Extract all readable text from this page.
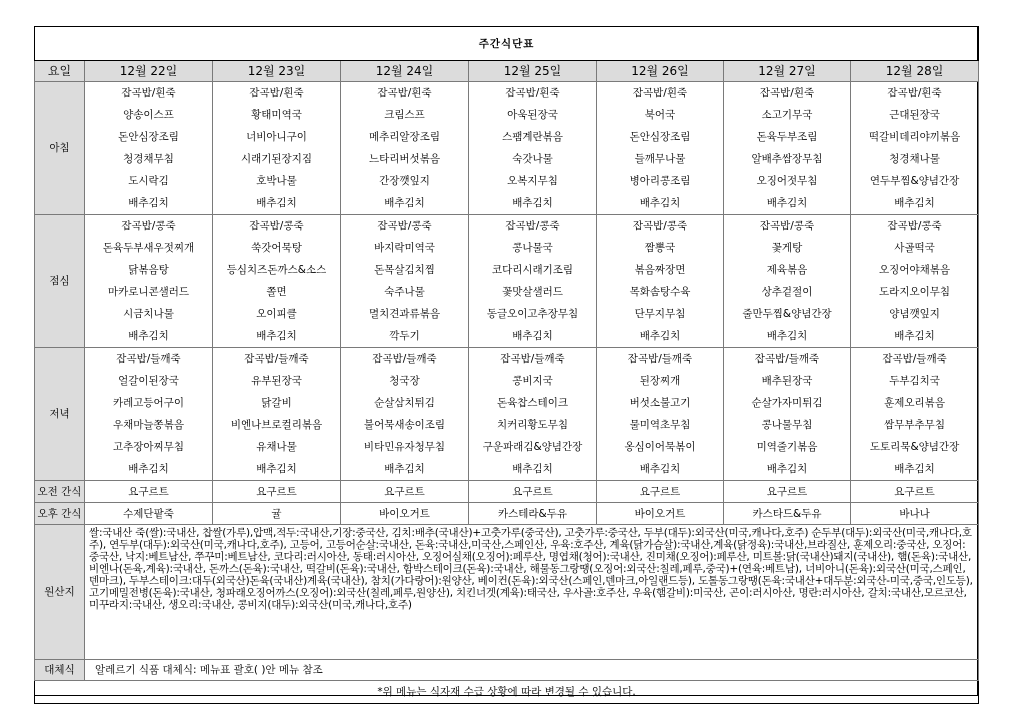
주간식단표							
요일	12월 22일	12월 23일	12월 24일	12월 25일	12월 26일	12월 27일	12월 28일
아침	잡곡밥/흰죽	잡곡밥/흰죽	잡곡밥/흰죽	잡곡밥/흰죽	잡곡밥/흰죽	잡곡밥/흰죽	잡곡밥/흰죽
	양송이스프	황태미역국	크림스프	아욱된장국	북어국	소고기무국	근대된장국
	돈안심장조림	너비아니구이	메추리알장조림	스팸계란볶음	돈안심장조림	돈육두부조림	떡갈비데리야끼볶음
	청경채무침	시래기된장지짐	느타리버섯볶음	숙갓나물	들깨무나물	알배추쌈장무침	청경채나물
	도시락김	호박나물	간장깻잎지	오복지무침	병아리콩조림	오징어젓무침	연두부찜&양념간장
	배추김치	배추김치	배추김치	배추김치	배추김치	배추김치	배추김치
점심	잡곡밥/콩죽	잡곡밥/콩죽	잡곡밥/콩죽	잡곡밥/콩죽	잡곡밥/콩죽	잡곡밥/콩죽	잡곡밥/콩죽
	돈육두부새우젓찌개	쑥갓어묵탕	바지락미역국	콩나물국	짬뽕국	꽃게탕	사골떡국
	닭볶음탕	등심치즈돈까스&소스	돈목살김치찜	코다리시래기조림	볶음짜장면	제육볶음	오징어야채볶음
	마카로니콘샐러드	쫄면	숙주나물	꽃맛살샐러드	목화솜탕수육	상추겉절이	도라지오이무침
	시금치나물	오이피클	멸치견과류볶음	동글오이고추장무침	단무지무침	줄만두찜&양념간장	양념깻잎지
	배추김치	배추김치	깍두기	배추김치	배추김치	배추김치	배추김치
저녁	잡곡밥/들깨죽	잡곡밥/들깨죽	잡곡밥/들깨죽	잡곡밥/들깨죽	잡곡밥/들깨죽	잡곡밥/들깨죽	잡곡밥/들깨죽
	얼갈이된장국	유부된장국	청국장	콩비지국	된장찌개	배추된장국	두부김치국
	카레고등어구이	닭갈비	순살삼치튀김	돈육찹스테이크	버섯소불고기	순살가자미튀김	훈제오리볶음
	우채마늘쫑볶음	비엔나브로컬리볶음	불어묵새송이조림	치커리황도무침	물미역초무침	콩나물무침	쌈무부추무침
	고추장아찌무침	유채나물	비타민유자청무침	구운파래김&양념간장	옹심이어묵볶이	미역줄기볶음	도토리묵&양념간장
	배추김치	배추김치	배추김치	배추김치	배추김치	배추김치	배추김치
오전 간식	요구르트	요구르트	요구르트	요구르트	요구르트	요구르트	요구르트
오후 간식	수제단팥죽	귤	바이오거트	카스테라&두유	바이오거트	카스타드&두유	바나나
원산지	쌀:국내산 죽(쌀):국내산, 찹쌀(가루),압맥,적두:국내산,기장:중국산, 김치:배추(국내산)+고춧가루(중국산), 고춧가루:중국산, 두부(대두):외국산(미국,캐나다,호주) 순두부(대두):외국산(미국,캐나다,호주), 연두부(대두):외국산(미국,캐나다,호주), 고등어, 고등어순살:국내산, 돈육:국내산,미국산,스페인산, 우육:호주산, 계육(닭가슴살):국내산,계육(닭정육):국내산,브라질산, 훈제오리:중국산, 오징어:중국산, 낙지:베트남산, 쭈꾸미:베트남산, 코다리:러시아산, 동태:러시아산, 오징어실채(오징어):페루산, 명엽채(청어):국내산, 진미채(오징어):페루산, 미트볼:닭(국내산)돼지(국내산), 햄(돈육):국내산, 비엔나(돈육,계육):국내산, 돈까스(돈육):국내산, 떡갈비(돈육):국내산, 함박스테이크(돈육):국내산, 해물동그랑땡(오징어:외국산:칠레,페루,중국)+(연육:베트남), 너비아니(돈육):외국산(미국,스페인,덴마크), 두부스테이크:대두(외국산)돈육(국내산)계육(국내산), 참치(가다랑어):원양산, 베이컨(돈육):외국산(스페인,덴마크,아일랜드등), 도톨동그랑땡(돈육:국내산+대두분:외국산-미국,중국,인도등), 고기메밀전병(돈육):국내산, 청파래오징어까스(오징어):외국산(칠레,페루,원양산), 치킨너겟(계육):태국산, 우사골:호주산, 우육(햄갈비):미국산, 곤이:러시아산, 명란:러시아산, 갈치:국내산,모르코산, 미꾸라지:국내산, 생오리:국내산, 콩비지(대두):외국산(미국,캐나다,호주)						
대체식	알레르기 식품 대체식: 메뉴표 괄호( )안 메뉴 참조						
*위 메뉴는 식자재 수급 상황에 따라 변경될 수 있습니다.							
